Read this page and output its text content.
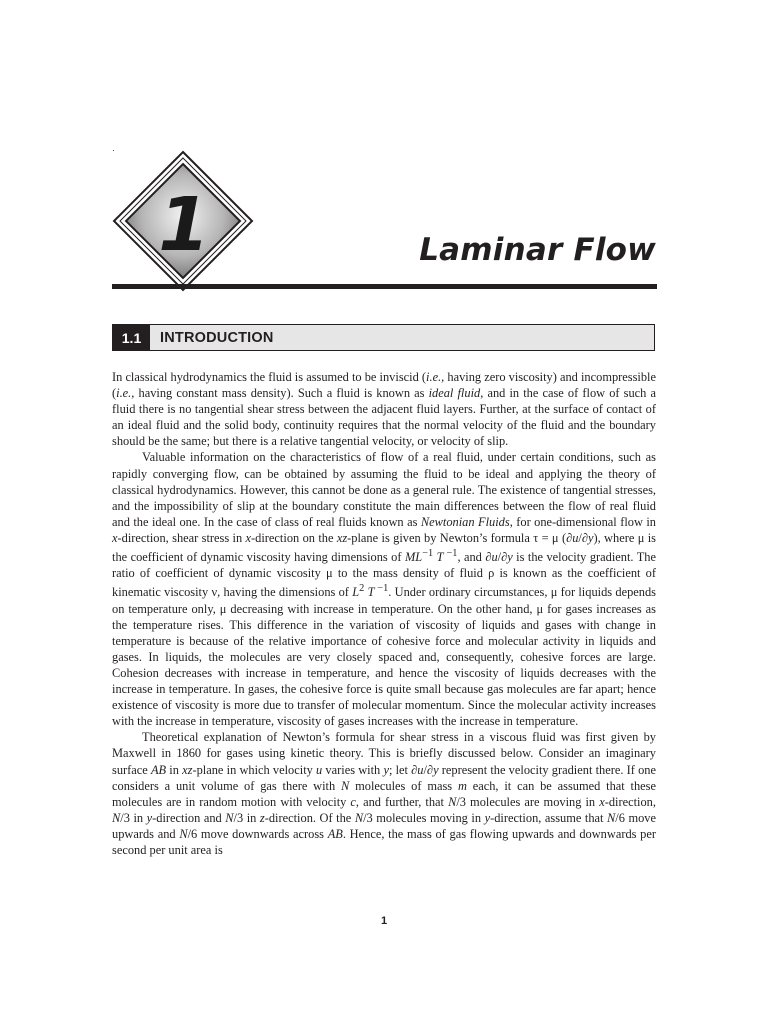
1	Laminar Flow
1.1	INTRODUCTION

In classical hydrodynamics the fluid is assumed to be inviscid (i.e., having zero viscosity) and incompressible (i.e., having constant mass density). Such a fluid is known as ideal fluid, and in the case of flow of such a fluid there is no tangential shear stress between the adjacent fluid layers. Further, at the surface of contact of an ideal fluid and the solid body, continuity requires that the normal velocity of the fluid and the boundary should be the same; but there is a relative tangential velocity, or velocity of slip.

Valuable information on the characteristics of flow of a real fluid, under certain conditions, such as rapidly converging flow, can be obtained by assuming the fluid to be ideal and applying the theory of classical hydrodynamics. However, this cannot be done as a general rule. The existence of tangential stresses, and the impossibility of slip at the boundary constitute the main differences between the flow of real fluid and the ideal one. In the case of class of real fluids known as Newtonian Fluids, for one-dimensional flow in x-direction, shear stress in x-direction on the xz-plane is given by Newton’s formula τ = μ (∂u/∂y), where μ is the coefficient of dynamic viscosity having dimensions of $ML^{-1}$ T $^{-1}$, and ∂u/∂y is the velocity gradient. The ratio of coefficient of dynamic viscosity μ to the mass density of fluid ρ is known as the coefficient of kinematic viscosity ν, having the dimensions of $L^2$ T $^{-1}$. Under ordinary circumstances, μ for liquids depends on temperature only, μ decreasing with increase in temperature. On the other hand, μ for gases increases as the temperature rises. This difference in the variation of viscosity of liquids and gases with change in temperature is because of the relative importance of cohesive force and molecular activity in liquids and gases. In liquids, the molecules are very closely spaced and, consequently, cohesive forces are large. Cohesion decreases with increase in temperature, and hence the viscosity of liquids decreases with the increase in temperature. In gases, the cohesive force is quite small because gas molecules are far apart; hence existence of viscosity is more due to transfer of molecular momentum. Since the molecular activity increases with the increase in temperature, viscosity of gases increases with the increase in temperature.

Theoretical explanation of Newton’s formula for shear stress in a viscous fluid was first given by Maxwell in 1860 for gases using kinetic theory. This is briefly discussed below. Consider an imaginary surface AB in xz-plane in which velocity u varies with y; let ∂u/∂y represent the velocity gradient there. If one considers a unit volume of gas there with N molecules of mass m each, it can be assumed that these molecules are in random motion with velocity c, and further, that N/3 molecules are moving in x-direction, N/3 in y-direction and N/3 in z-direction. Of the N/3 molecules moving in y-direction, assume that N/6 move upwards and N/6 move downwards across AB. Hence, the mass of gas flowing upwards and downwards per second per unit area is

1
